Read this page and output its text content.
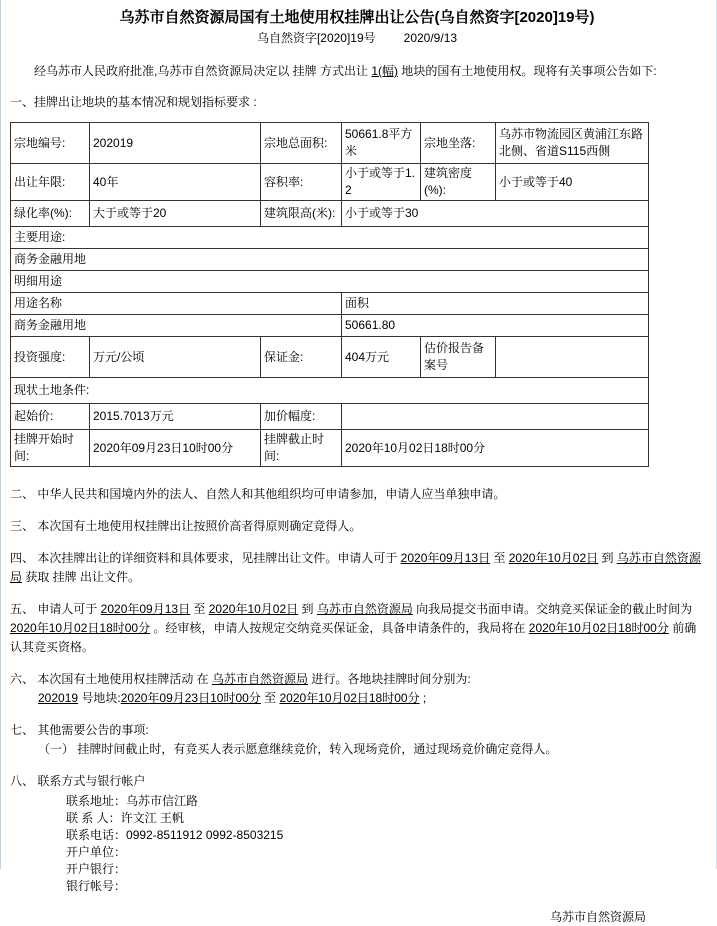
乌苏市自然资源局国有土地使用权挂牌出让公告(乌自然资字[2020]19号)
乌自然资字[2020]19号 2020/9/13

经乌苏市人民政府批准,乌苏市自然资源局决定以 挂牌 方式出让 1(幅) 地块的国有土地使用权。现将有关事项公告如下:

一、挂牌出让地块的基本情况和规划指标要求 :

宗地编号:	202019	宗地总面积:	50661.8平方米	宗地坐落:	乌苏市物流园区黄浦江东路北侧、省道S115西侧
出让年限:	40年	容积率:	小于或等于1.2	建筑密度(%):	小于或等于40
绿化率(%):	大于或等于20	建筑限高(米):	小于或等于30		
主要用途:					
商务金融用地					
明细用途					
用途名称			面积		
商务金融用地			50661.80		
投资强度:	万元/公顷	保证金:	404万元	估价报告备案号	
现状土地条件:					
起始价:	2015.7013万元	加价幅度:			
挂牌开始时间:	2020年09月23日10时00分	挂牌截止时间:	2020年10月02日18时00分		

二、 中华人民共和国境内外的法人、自然人和其他组织均可申请参加，申请人应当单独申请。

三、 本次国有土地使用权挂牌出让按照价高者得原则确定竞得人。

四、 本次挂牌出让的详细资料和具体要求，见挂牌出让文件。申请人可于 2020年09月13日 至 2020年10月02日 到 乌苏市自然资源局 获取 挂牌 出让文件。

五、 申请人可于 2020年09月13日 至 2020年10月02日 到 乌苏市自然资源局 向我局提交书面申请。交纳竞买保证金的截止时间为2020年10月02日18时00分 。经审核，申请人按规定交纳竞买保证金，具备申请条件的，我局将在 2020年10月02日18时00分 前确认其竞买资格。

六、 本次国有土地使用权挂牌活动 在 乌苏市自然资源局 进行。各地块挂牌时间分别为:

202019 号地块:2020年09月23日10时00分 至 2020年10月02日18时00分 ;

七、 其他需要公告的事项:

（一） 挂牌时间截止时，有竞买人表示愿意继续竞价，转入现场竞价，通过现场竞价确定竞得人。

八、 联系方式与银行帐户

联系地址：乌苏市信江路
联 系 人：许文江 王帆
联系电话：0992-8511912 0992-8503215
开户单位：
开户银行：
银行帐号：
乌苏市自然资源局
